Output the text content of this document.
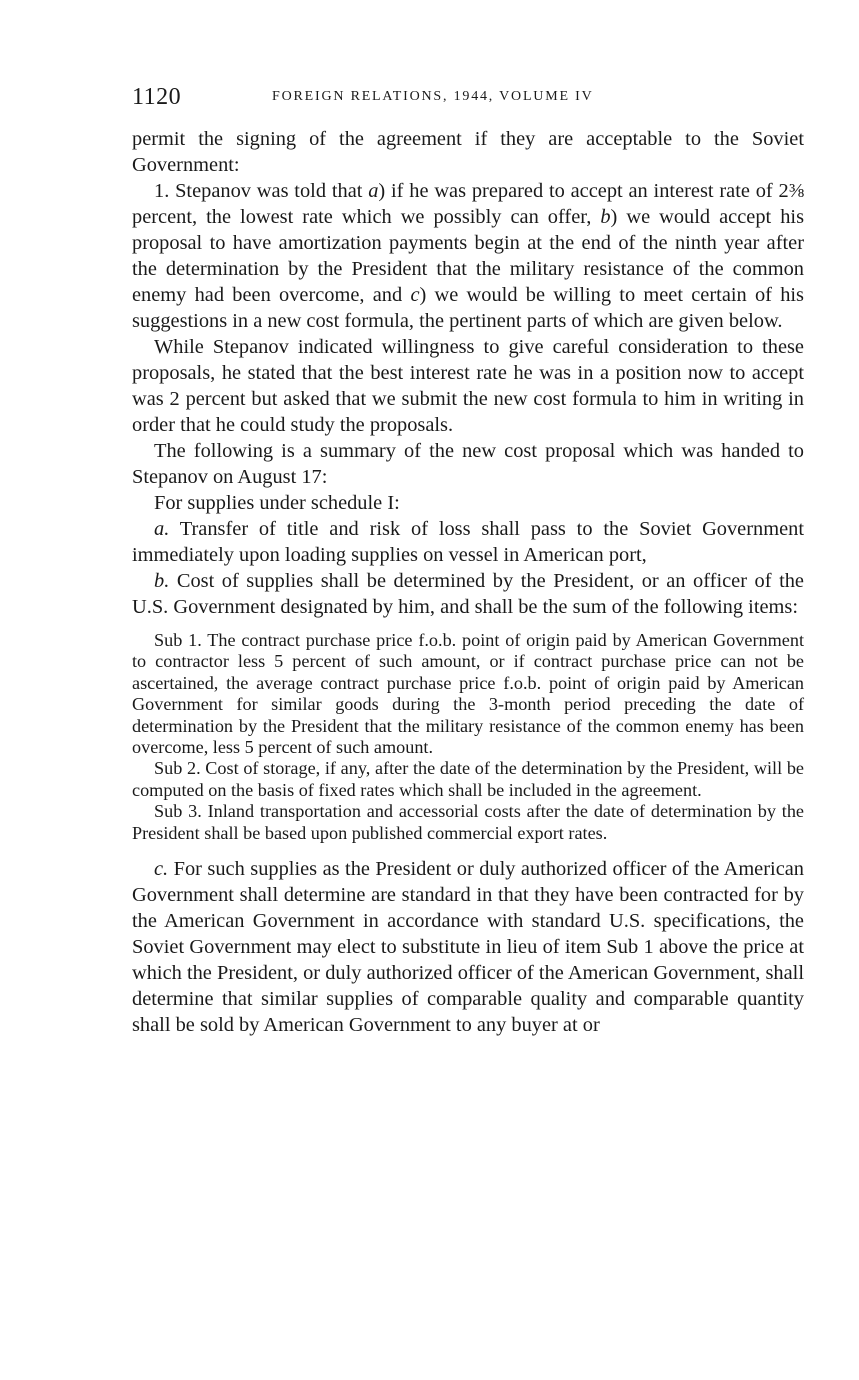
1120	FOREIGN RELATIONS, 1944, VOLUME IV

permit the signing of the agreement if they are acceptable to the Soviet Government:

1. Stepanov was told that a) if he was prepared to accept an interest rate of 2⅜ percent, the lowest rate which we possibly can offer, b) we would accept his proposal to have amortization payments begin at the end of the ninth year after the determination by the President that the military resistance of the common enemy had been overcome, and c) we would be willing to meet certain of his suggestions in a new cost formula, the pertinent parts of which are given below.

While Stepanov indicated willingness to give careful consideration to these proposals, he stated that the best interest rate he was in a position now to accept was 2 percent but asked that we submit the new cost formula to him in writing in order that he could study the proposals.

The following is a summary of the new cost proposal which was handed to Stepanov on August 17:

For supplies under schedule I:

a. Transfer of title and risk of loss shall pass to the Soviet Government immediately upon loading supplies on vessel in American port,

b. Cost of supplies shall be determined by the President, or an officer of the U.S. Government designated by him, and shall be the sum of the following items:

Sub 1. The contract purchase price f.o.b. point of origin paid by American Government to contractor less 5 percent of such amount, or if contract purchase price can not be ascertained, the average contract purchase price f.o.b. point of origin paid by American Government for similar goods during the 3-month period preceding the date of determination by the President that the military resistance of the common enemy has been overcome, less 5 percent of such amount.

Sub 2. Cost of storage, if any, after the date of the determination by the President, will be computed on the basis of fixed rates which shall be included in the agreement.

Sub 3. Inland transportation and accessorial costs after the date of determination by the President shall be based upon published commercial export rates.

c. For such supplies as the President or duly authorized officer of the American Government shall determine are standard in that they have been contracted for by the American Government in accordance with standard U.S. specifications, the Soviet Government may elect to substitute in lieu of item Sub 1 above the price at which the President, or duly authorized officer of the American Government, shall determine that similar supplies of comparable quality and comparable quantity shall be sold by American Government to any buyer at or
